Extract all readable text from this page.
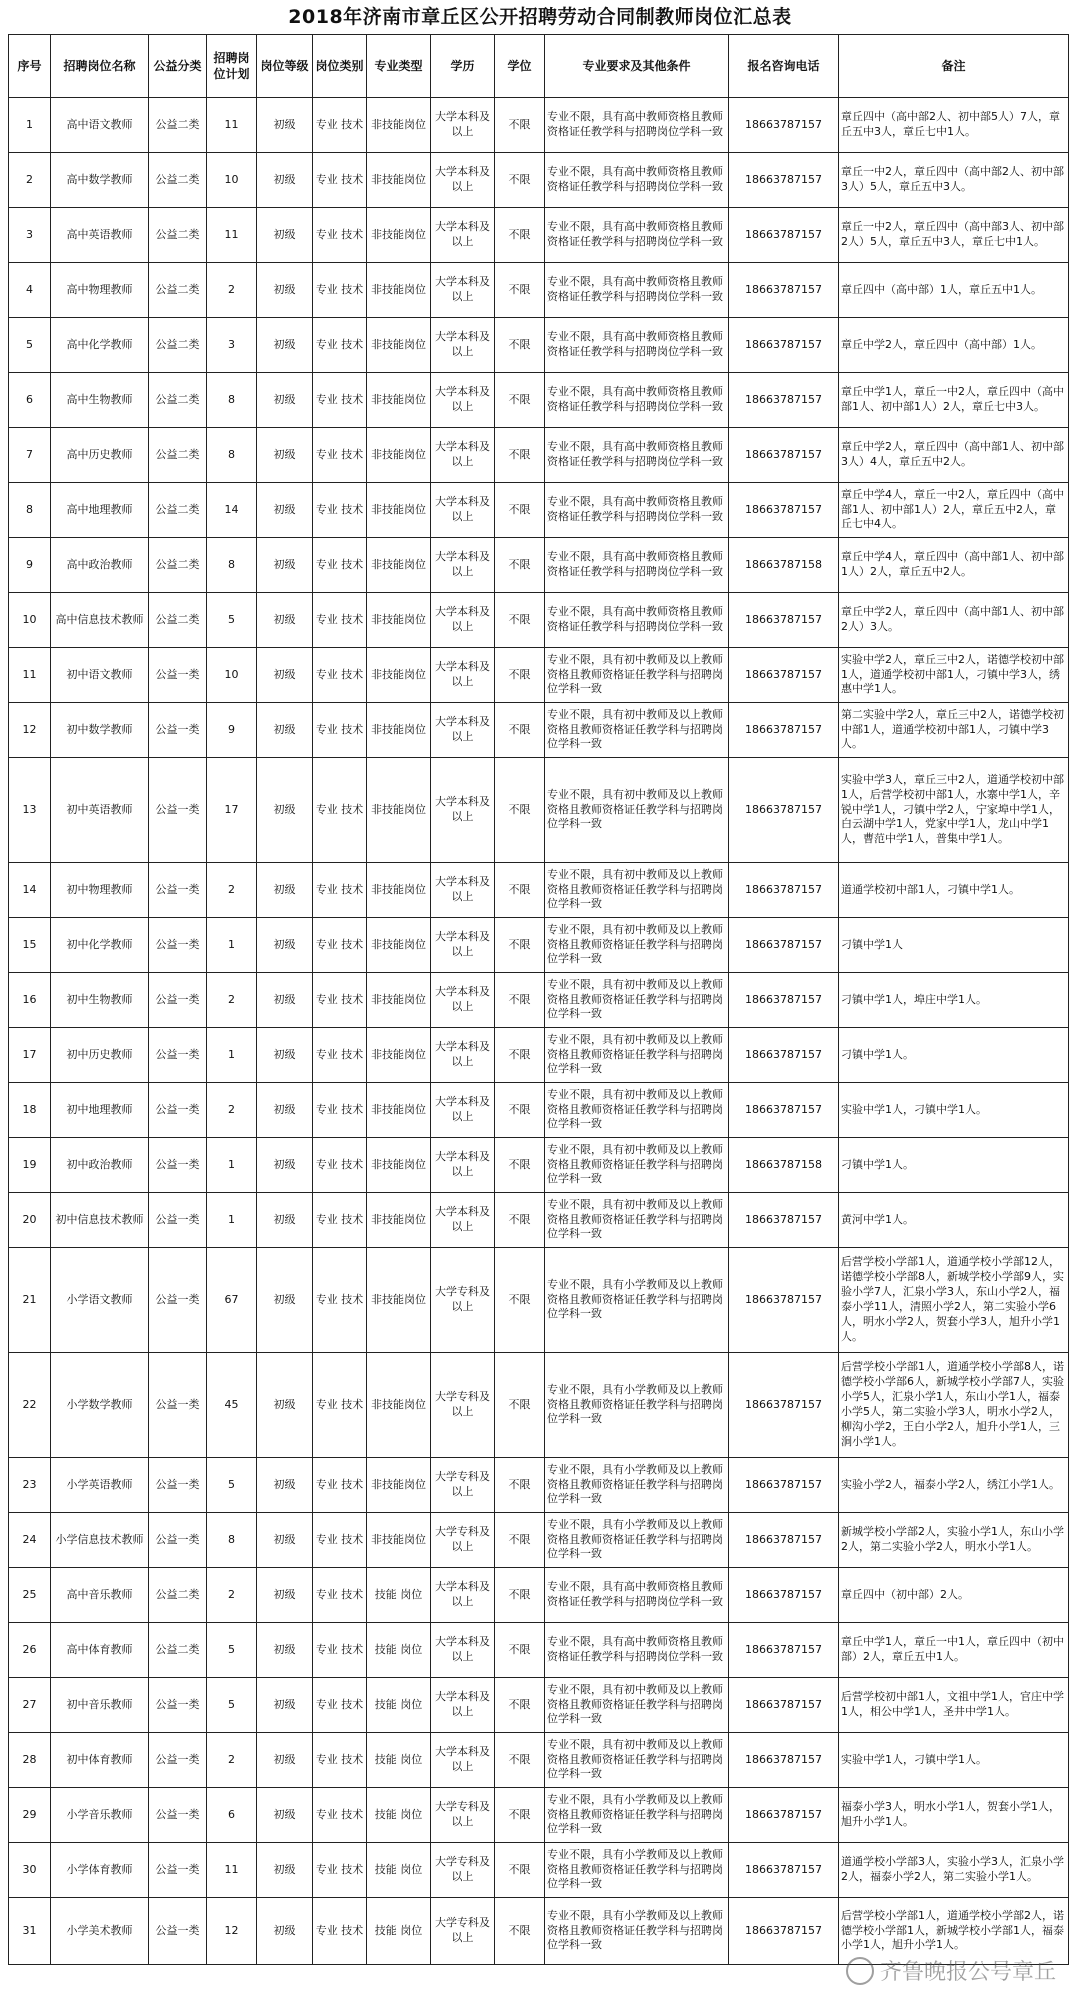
2018年济南市章丘区公开招聘劳动合同制教师岗位汇总表
序号	招聘岗位名称	公益分类	招聘岗位计划	岗位等级	岗位类别	专业类型	学历	学位	专业要求及其他条件	报名咨询电话	备注
1	高中语文教师	公益二类	11	初级	专业 技术	非技能岗位	大学本科及以上	不限	专业不限，具有高中教师资格且教师资格证任教学科与招聘岗位学科一致	18663787157	章丘四中（高中部2人、初中部5人）7人，章丘五中3人，章丘七中1人。
2	高中数学教师	公益二类	10	初级	专业 技术	非技能岗位	大学本科及以上	不限	专业不限，具有高中教师资格且教师资格证任教学科与招聘岗位学科一致	18663787157	章丘一中2人，章丘四中（高中部2人、初中部3人）5人，章丘五中3人。
3	高中英语教师	公益二类	11	初级	专业 技术	非技能岗位	大学本科及以上	不限	专业不限，具有高中教师资格且教师资格证任教学科与招聘岗位学科一致	18663787157	章丘一中2人，章丘四中（高中部3人、初中部2人）5人，章丘五中3人，章丘七中1人。
4	高中物理教师	公益二类	2	初级	专业 技术	非技能岗位	大学本科及以上	不限	专业不限，具有高中教师资格且教师资格证任教学科与招聘岗位学科一致	18663787157	章丘四中（高中部）1人，章丘五中1人。
5	高中化学教师	公益二类	3	初级	专业 技术	非技能岗位	大学本科及以上	不限	专业不限，具有高中教师资格且教师资格证任教学科与招聘岗位学科一致	18663787157	章丘中学2人，章丘四中（高中部）1人。
6	高中生物教师	公益二类	8	初级	专业 技术	非技能岗位	大学本科及以上	不限	专业不限，具有高中教师资格且教师资格证任教学科与招聘岗位学科一致	18663787157	章丘中学1人，章丘一中2人，章丘四中（高中部1人、初中部1人）2人，章丘七中3人。
7	高中历史教师	公益二类	8	初级	专业 技术	非技能岗位	大学本科及以上	不限	专业不限，具有高中教师资格且教师资格证任教学科与招聘岗位学科一致	18663787157	章丘中学2人，章丘四中（高中部1人、初中部3人）4人，章丘五中2人。
8	高中地理教师	公益二类	14	初级	专业 技术	非技能岗位	大学本科及以上	不限	专业不限，具有高中教师资格且教师资格证任教学科与招聘岗位学科一致	18663787157	章丘中学4人，章丘一中2人，章丘四中（高中部1人、初中部1人）2人，章丘五中2人，章丘七中4人。
9	高中政治教师	公益二类	8	初级	专业 技术	非技能岗位	大学本科及以上	不限	专业不限，具有高中教师资格且教师资格证任教学科与招聘岗位学科一致	18663787158	章丘中学4人，章丘四中（高中部1人、初中部1人）2人，章丘五中2人。
10	高中信息技术教师	公益二类	5	初级	专业 技术	非技能岗位	大学本科及以上	不限	专业不限，具有高中教师资格且教师资格证任教学科与招聘岗位学科一致	18663787157	章丘中学2人，章丘四中（高中部1人、初中部2人）3人。
11	初中语文教师	公益一类	10	初级	专业 技术	非技能岗位	大学本科及以上	不限	专业不限，具有初中教师及以上教师资格且教师资格证任教学科与招聘岗位学科一致	18663787157	实验中学2人，章丘三中2人，诺德学校初中部1人，道通学校初中部1人，刁镇中学3人，绣惠中学1人。
12	初中数学教师	公益一类	9	初级	专业 技术	非技能岗位	大学本科及以上	不限	专业不限，具有初中教师及以上教师资格且教师资格证任教学科与招聘岗位学科一致	18663787157	第二实验中学2人，章丘三中2人，诺德学校初中部1人，道通学校初中部1人，刁镇中学3人。
13	初中英语教师	公益一类	17	初级	专业 技术	非技能岗位	大学本科及以上	不限	专业不限，具有初中教师及以上教师资格且教师资格证任教学科与招聘岗位学科一致	18663787157	实验中学3人，章丘三中2人，道通学校初中部1人，后营学校初中部1人，水寨中学1人，辛锐中学1人，刁镇中学2人，宁家埠中学1人，白云湖中学1人，党家中学1人，龙山中学1人，曹范中学1人，普集中学1人。
14	初中物理教师	公益一类	2	初级	专业 技术	非技能岗位	大学本科及以上	不限	专业不限，具有初中教师及以上教师资格且教师资格证任教学科与招聘岗位学科一致	18663787157	道通学校初中部1人，刁镇中学1人。
15	初中化学教师	公益一类	1	初级	专业 技术	非技能岗位	大学本科及以上	不限	专业不限，具有初中教师及以上教师资格且教师资格证任教学科与招聘岗位学科一致	18663787157	刁镇中学1人
16	初中生物教师	公益一类	2	初级	专业 技术	非技能岗位	大学本科及以上	不限	专业不限，具有初中教师及以上教师资格且教师资格证任教学科与招聘岗位学科一致	18663787157	刁镇中学1人，埠庄中学1人。
17	初中历史教师	公益一类	1	初级	专业 技术	非技能岗位	大学本科及以上	不限	专业不限，具有初中教师及以上教师资格且教师资格证任教学科与招聘岗位学科一致	18663787157	刁镇中学1人。
18	初中地理教师	公益一类	2	初级	专业 技术	非技能岗位	大学本科及以上	不限	专业不限，具有初中教师及以上教师资格且教师资格证任教学科与招聘岗位学科一致	18663787157	实验中学1人，刁镇中学1人。
19	初中政治教师	公益一类	1	初级	专业 技术	非技能岗位	大学本科及以上	不限	专业不限，具有初中教师及以上教师资格且教师资格证任教学科与招聘岗位学科一致	18663787158	刁镇中学1人。
20	初中信息技术教师	公益一类	1	初级	专业 技术	非技能岗位	大学本科及以上	不限	专业不限，具有初中教师及以上教师资格且教师资格证任教学科与招聘岗位学科一致	18663787157	黄河中学1人。
21	小学语文教师	公益一类	67	初级	专业 技术	非技能岗位	大学专科及以上	不限	专业不限，具有小学教师及以上教师资格且教师资格证任教学科与招聘岗位学科一致	18663787157	后营学校小学部1人，道通学校小学部12人，诺德学校小学部8人，新城学校小学部9人，实验小学7人，汇泉小学3人，东山小学2人，福泰小学11人，清照小学2人，第二实验小学6人，明水小学2人，贺套小学3人，旭升小学1人。
22	小学数学教师	公益一类	45	初级	专业 技术	非技能岗位	大学专科及以上	不限	专业不限，具有小学教师及以上教师资格且教师资格证任教学科与招聘岗位学科一致	18663787157	后营学校小学部1人，道通学校小学部8人，诺德学校小学部6人，新城学校小学部7人，实验小学5人，汇泉小学1人，东山小学1人，福泰小学5人，第二实验小学3人，明水小学2人，柳沟小学2，王白小学2人，旭升小学1人，三涧小学1人。
23	小学英语教师	公益一类	5	初级	专业 技术	非技能岗位	大学专科及以上	不限	专业不限，具有小学教师及以上教师资格且教师资格证任教学科与招聘岗位学科一致	18663787157	实验小学2人，福泰小学2人，绣江小学1人。
24	小学信息技术教师	公益一类	8	初级	专业 技术	非技能岗位	大学专科及以上	不限	专业不限，具有小学教师及以上教师资格且教师资格证任教学科与招聘岗位学科一致	18663787157	新城学校小学部2人，实验小学1人，东山小学2人，第二实验小学2人，明水小学1人。
25	高中音乐教师	公益二类	2	初级	专业 技术	技能 岗位	大学本科及以上	不限	专业不限，具有高中教师资格且教师资格证任教学科与招聘岗位学科一致	18663787157	章丘四中（初中部）2人。
26	高中体育教师	公益二类	5	初级	专业 技术	技能 岗位	大学本科及以上	不限	专业不限，具有高中教师资格且教师资格证任教学科与招聘岗位学科一致	18663787157	章丘中学1人，章丘一中1人，章丘四中（初中部）2人，章丘五中1人。
27	初中音乐教师	公益一类	5	初级	专业 技术	技能 岗位	大学本科及以上	不限	专业不限，具有初中教师及以上教师资格且教师资格证任教学科与招聘岗位学科一致	18663787157	后营学校初中部1人，文祖中学1人，官庄中学1人，相公中学1人，圣井中学1人。
28	初中体育教师	公益一类	2	初级	专业 技术	技能 岗位	大学本科及以上	不限	专业不限，具有初中教师及以上教师资格且教师资格证任教学科与招聘岗位学科一致	18663787157	实验中学1人，刁镇中学1人。
29	小学音乐教师	公益一类	6	初级	专业 技术	技能 岗位	大学专科及以上	不限	专业不限，具有小学教师及以上教师资格且教师资格证任教学科与招聘岗位学科一致	18663787157	福泰小学3人，明水小学1人，贺套小学1人，旭升小学1人。
30	小学体育教师	公益一类	11	初级	专业 技术	技能 岗位	大学专科及以上	不限	专业不限，具有小学教师及以上教师资格且教师资格证任教学科与招聘岗位学科一致	18663787157	道通学校小学部3人，实验小学3人，汇泉小学2人，福泰小学2人，第二实验小学1人。
31	小学美术教师	公益一类	12	初级	专业 技术	技能 岗位	大学专科及以上	不限	专业不限，具有小学教师及以上教师资格且教师资格证任教学科与招聘岗位学科一致	18663787157	后营学校小学部1人，道通学校小学部2人，诺德学校小学部1人，新城学校小学部1人，福泰小学1人，旭升小学1人。
齐鲁晚报公号章丘
